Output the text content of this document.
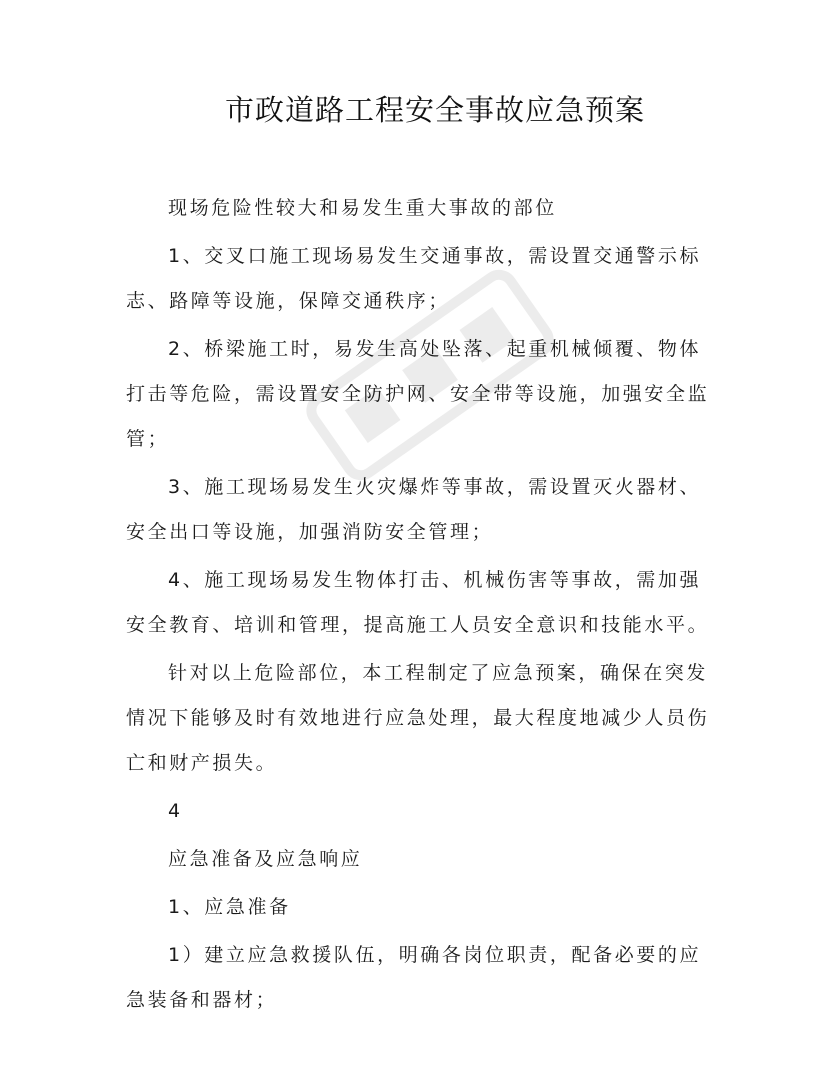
市政道路工程安全事故应急预案

现场危险性较大和易发生重大事故的部位

1、交叉口施工现场易发生交通事故，需设置交通警示标志、路障等设施，保障交通秩序；

2、桥梁施工时，易发生高处坠落、起重机械倾覆、物体打击等危险，需设置安全防护网、安全带等设施，加强安全监管；

3、施工现场易发生火灾爆炸等事故，需设置灭火器材、安全出口等设施，加强消防安全管理；

4、施工现场易发生物体打击、机械伤害等事故，需加强安全教育、培训和管理，提高施工人员安全意识和技能水平。

针对以上危险部位，本工程制定了应急预案，确保在突发情况下能够及时有效地进行应急处理，最大程度地减少人员伤亡和财产损失。

4

应急准备及应急响应

1、应急准备

1）建立应急救援队伍，明确各岗位职责，配备必要的应急装备和器材；
